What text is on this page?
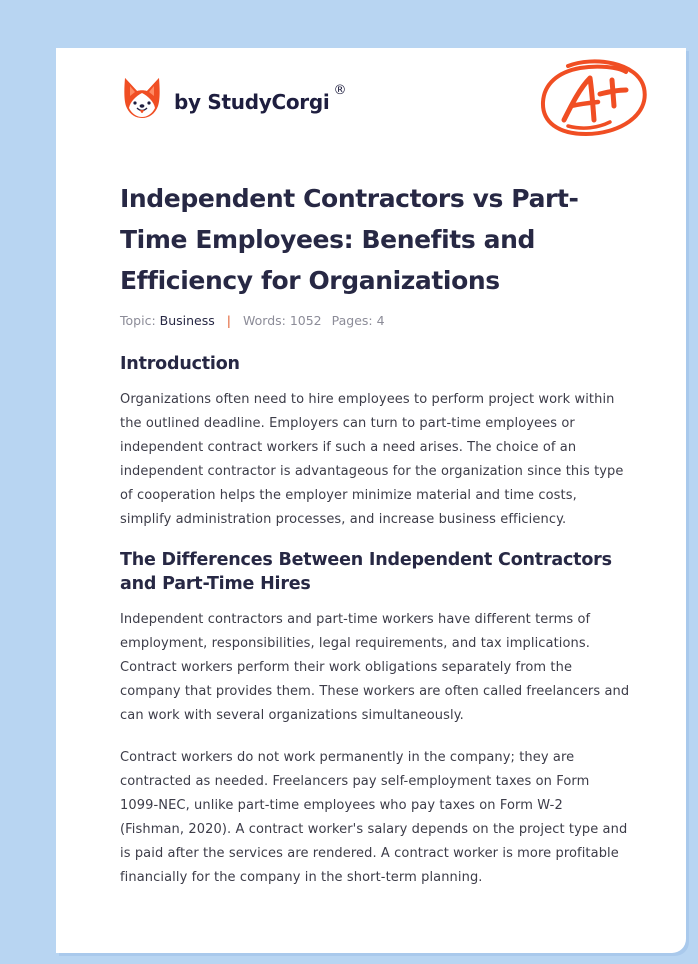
by StudyCorgi ®
Independent Contractors vs Part-Time Employees: Benefits and Efficiency for Organizations
Topic: Business | Words: 1052 Pages: 4
Introduction

Organizations often need to hire employees to perform project work within the outlined deadline. Employers can turn to part-time employees or independent contract workers if such a need arises. The choice of an independent contractor is advantageous for the organization since this type of cooperation helps the employer minimize material and time costs, simplify administration processes, and increase business efficiency.

The Differences Between Independent Contractors and Part-Time Hires

Independent contractors and part-time workers have different terms of employment, responsibilities, legal requirements, and tax implications. Contract workers perform their work obligations separately from the company that provides them. These workers are often called freelancers and can work with several organizations simultaneously.

Contract workers do not work permanently in the company; they are contracted as needed. Freelancers pay self-employment taxes on Form 1099-NEC, unlike part-time employees who pay taxes on Form W-2 (Fishman, 2020). A contract worker's salary depends on the project type and is paid after the services are rendered. A contract worker is more profitable financially for the company in the short-term planning.
